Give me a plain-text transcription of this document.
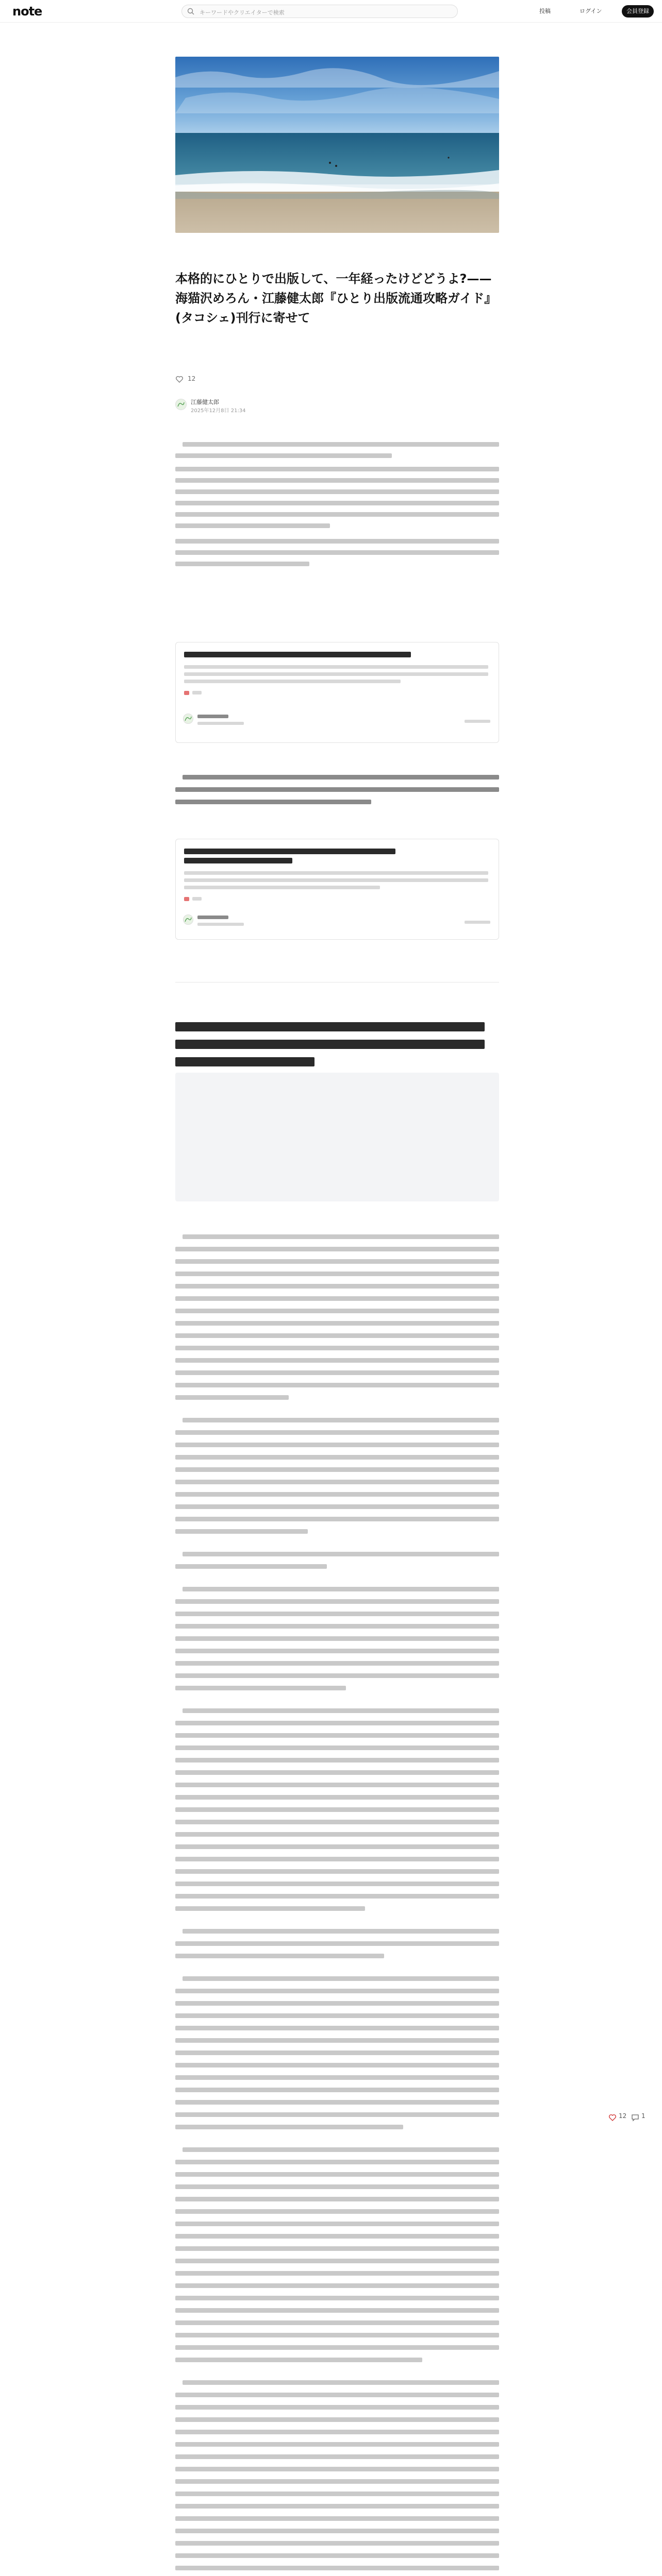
note	キーワードやクリエイターで検索	投稿	ログイン	会員登録
本格的にひとりで出版して、一年経ったけどどうよ?——海猫沢めろん・江藤健太郎『ひとり出版流通攻略ガイド』(タコシェ)刊行に寄せて
12
江藤健太郎
2025年12月8日 21:34
12 1
